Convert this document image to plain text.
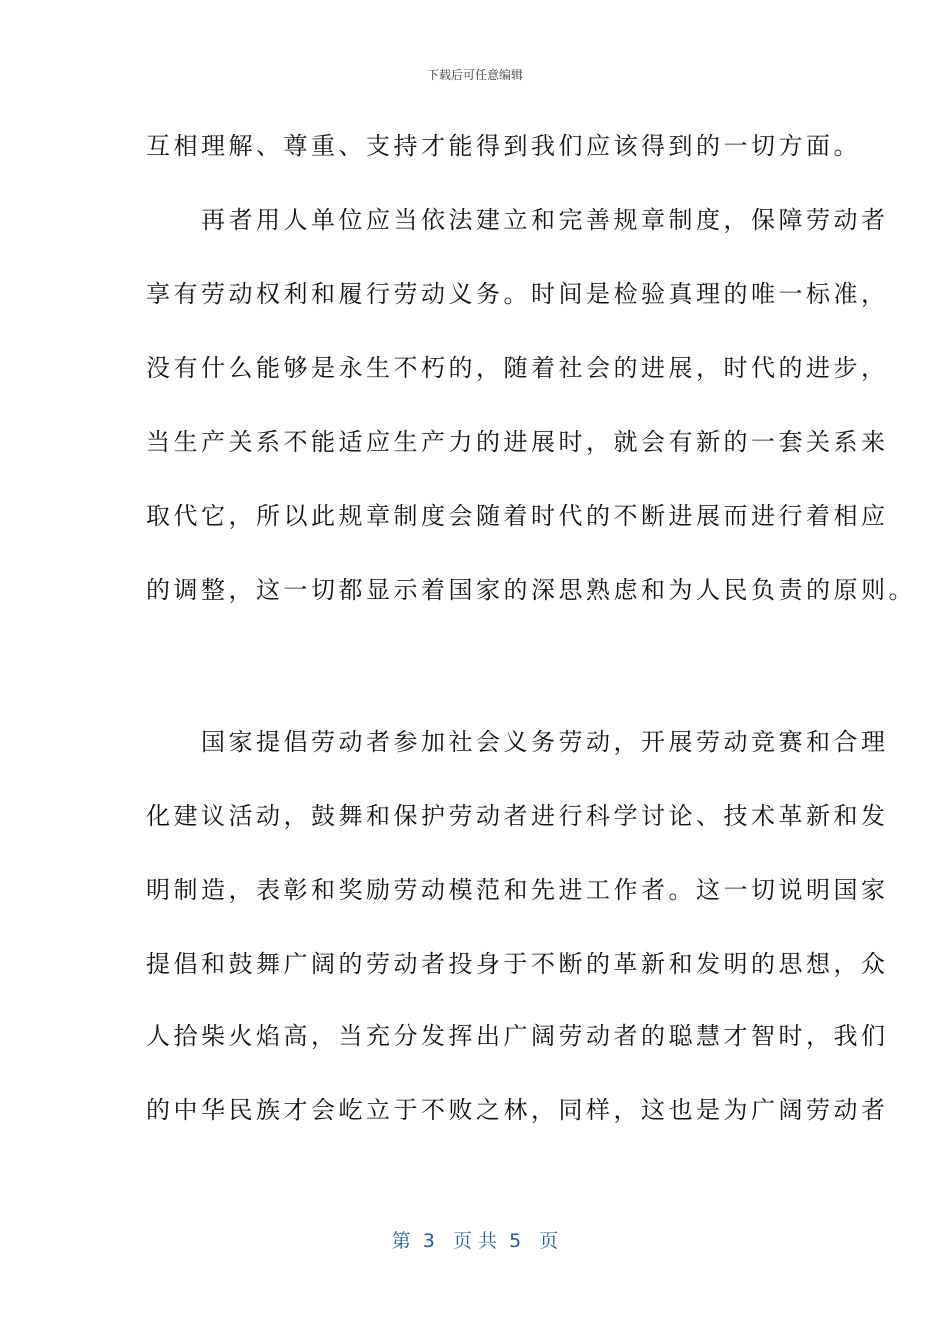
下载后可任意编辑
互相理解、尊重、支持才能得到我们应该得到的一切方面。
　　再者用人单位应当依法建立和完善规章制度，保障劳动者
享有劳动权利和履行劳动义务。时间是检验真理的唯一标准，
没有什么能够是永生不朽的，随着社会的进展，时代的进步，
当生产关系不能适应生产力的进展时，就会有新的一套关系来
取代它，所以此规章制度会随着时代的不断进展而进行着相应
的调整，这一切都显示着国家的深思熟虑和为人民负责的原则。
　　国家提倡劳动者参加社会义务劳动，开展劳动竞赛和合理
化建议活动，鼓舞和保护劳动者进行科学讨论、技术革新和发
明制造，表彰和奖励劳动模范和先进工作者。这一切说明国家
提倡和鼓舞广阔的劳动者投身于不断的革新和发明的思想，众
人拾柴火焰高，当充分发挥出广阔劳动者的聪慧才智时，我们
的中华民族才会屹立于不败之林，同样，这也是为广阔劳动者
第  3   页 共  5   页
